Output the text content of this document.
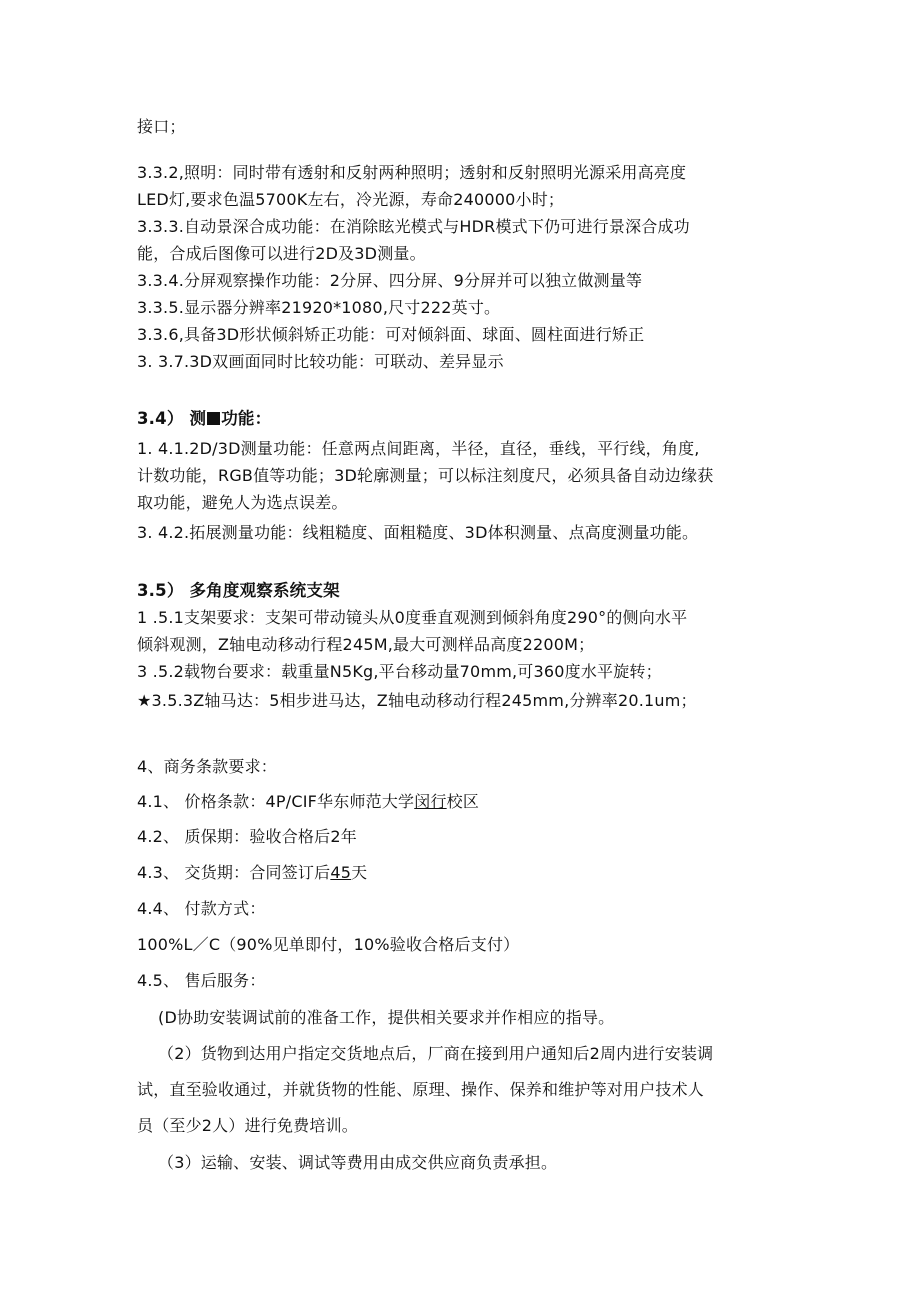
接口；
3.3.2,照明：同时带有透射和反射两种照明；透射和反射照明光源采用高亮度
LED灯,要求色温5700K左右，冷光源，寿命240000小时；
3.3.3.自动景深合成功能：在消除眩光模式与HDR模式下仍可进行景深合成功
能，合成后图像可以进行2D及3D测量。
3.3.4.分屏观察操作功能：2分屏、四分屏、9分屏并可以独立做测量等
3.3.5.显示器分辨率21920*1080,尺寸222英寸。
3.3.6,具备3D形状倾斜矫正功能：可对倾斜面、球面、圆柱面进行矫正
3. 3.7.3D双画面同时比较功能：可联动、差异显示
3.4） 测 功能：
1. 4.1.2D/3D测量功能：任意两点间距离，半径，直径，垂线，平行线，角度,
计数功能，RGB值等功能；3D轮廓测量；可以标注刻度尺，必须具备自动边缘获
取功能，避免人为选点误差。
3. 4.2.拓展测量功能：线粗糙度、面粗糙度、3D体积测量、点高度测量功能。
3.5） 多角度观察系统支架
1 .5.1支架要求：支架可带动镜头从0度垂直观测到倾斜角度290°的侧向水平
倾斜观测，Z轴电动移动行程245M,最大可测样品高度2200M；
3 .5.2载物台要求：载重量N5Kg,平台移动量70mm,可360度水平旋转；
★3.5.3Z轴马达：5相步进马达，Z轴电动移动行程245mm,分辨率20.1um；
4、商务条款要求：
4.1、 价格条款：4P/CIF华东师范大学闵行校区
4.2、 质保期：验收合格后2年
4.3、 交货期：合同签订后45天
4.4、 付款方式：
100%L／C（90%见单即付，10%验收合格后支付）
4.5、 售后服务：
(D协助安装调试前的准备工作，提供相关要求并作相应的指导。
（2）货物到达用户指定交货地点后，厂商在接到用户通知后2周内进行安装调
试，直至验收通过，并就货物的性能、原理、操作、保养和维护等对用户技术人
员（至少2人）进行免费培训。
（3）运输、安装、调试等费用由成交供应商负责承担。
